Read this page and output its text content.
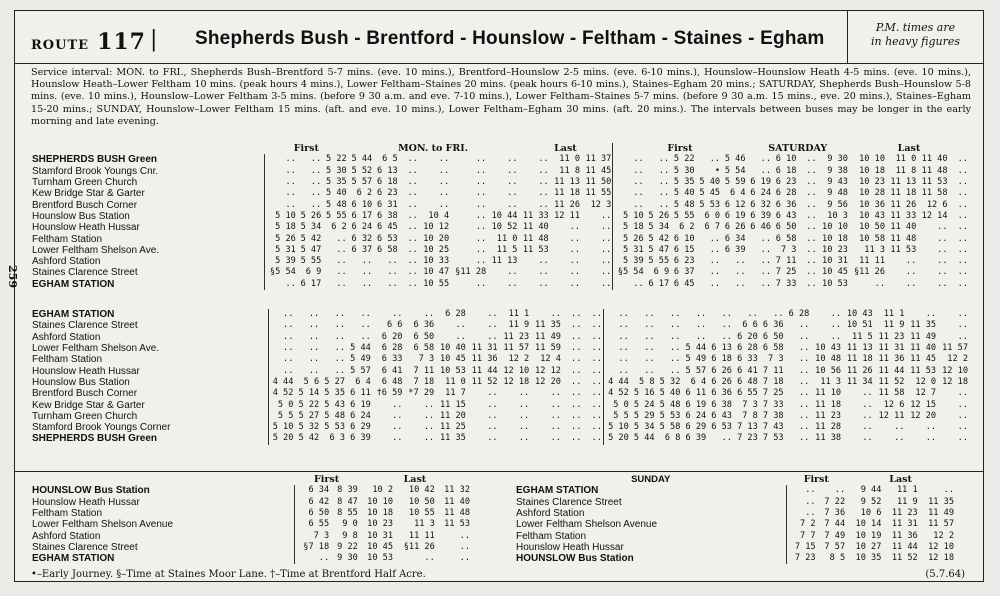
ROUTE 117 | Shepherds Bush - Brentford - Hounslow - Feltham - Staines - Egham
P.M. times are
in heavy figures
Service interval: MON. to FRI., Shepherds Bush–Brentford 5-7 mins. (eve. 10 mins.), Brentford–Hounslow 2-5 mins. (eve. 6-10 mins.), Hounslow–Hounslow Heath 4-5 mins. (eve. 10 mins.), Hounslow Heath–Lower Feltham 10 mins. (peak hours 4 mins.), Lower Feltham–Staines 20 mins. (peak hours 6-10 mins.), Staines–Egham 20 mins.; SATURDAY, Shepherds Bush–Hounslow 5-8 mins. (eve. 10 mins.), Hounslow–Lower Feltham 3-5 mins. (before 9 30 a.m. and eve. 7-10 mins.), Lower Feltham–Staines 5-7 mins. (before 9 30 a.m. 15 mins., eve. 20 mins.), Staines–Egham 15-20 mins.; SUNDAY, Hounslow–Lower Feltham 15 mins. (aft. and eve. 10 mins.), Lower Feltham–Egham 30 mins. (aft. 20 mins.). The intervals between buses may be longer in the early morning and late evening.
	First			MON. to FRI.						Last			First					SATURDAY				Last			
SHEPHERDS BUSH Green	..	..	5 22	5 44	6 5	..	..	..	..	..	11 0	11 37	..	..	5 22	..	5 46	..	6 10	..	9 30	10 10	11 0	11 40	..
Stamford Brook Youngs Cnr.	..	..	5 30	5 52	6 13	..	..	..	..	..	11 8	11 45	..	..	5 30	•	5 54	..	6 18	..	9 38	10 18	11 8	11 48	..
Turnham Green Church	..	..	5 35	5 57	6 18	..	..	..	..	..	11 13	11 50	..	..	5 35	5 40	5 59	6 19	6 23	..	9 43	10 23	11 13	11 53	..
Kew Bridge Star & Garter	..	..	5 40	6 2	6 23	..	..	..	..	..	11 18	11 55	..	..	5 40	5 45	6 4	6 24	6 28	..	9 48	10 28	11 18	11 58	..
Brentford Busch Corner	..	..	5 48	6 10	6 31	..	..	..	..	..	11 26	12 3	..	..	5 48	5 53	6 12	6 32	6 36	..	9 56	10 36	11 26	12 6	..
Hounslow Bus Station	5 10	5 26	5 55	6 17	6 38	..	10 4	..	10 44	11 33	12 11	..	5 10	5 26	5 55	6 0	6 19	6 39	6 43	..	10 3	10 43	11 33	12 14	..
Hounslow Heath Hussar	5 18	5 34	6 2	6 24	6 45	..	10 12	..	10 52	11 40	..	..	5 18	5 34	6 2	6 7	6 26	6 46	6 50	..	10 10	10 50	11 40	..	..
Feltham Station	5 26	5 42	..	6 32	6 53	..	10 20	..	11 0	11 48	..	..	5 26	5 42	6 10	..	6 34	..	6 58	..	10 18	10 58	11 48	..	..
Lower Feltham Shelson Ave.	5 31	5 47	..	6 37	6 58	..	10 25	..	11 5	11 53	..	..	5 31	5 47	6 15	..	6 39	..	7 3	..	10 23	11 3	11 53	..	..
Ashford Station	5 39	5 55	..	..	..	..	10 33	..	11 13	..	..	..	5 39	5 55	6 23	..	..	..	7 11	..	10 31	11 11	..	..	..
Staines Clarence Street	§5 54	6 9	..	..	..	..	10 47	§11 28	..	..	..	..	§5 54	6 9	6 37	..	..	..	7 25	..	10 45	§11 26	..	..	..
EGHAM STATION	..	6 17	..	..	..	..	10 55	..	..	..	..	..	..	6 17	6 45	..	..	..	7 33	..	10 53	..	..	..	..
EGHAM STATION	..	..	..	..	..	..	6 28	..	11 1	..	..	..	..	..	..	..	..	..	..	6 28	..	10 43	11 1	..	..
Staines Clarence Street	..	..	..	..	6 6	6 36	..	..	11 9	11 35	..	..	..	..	..	..	..	6 6	6 36	..	..	10 51	11 9	11 35	..
Ashford Station	..	..	..	..	6 20	6 50	..	..	11 23	11 49	..	..	..	..	..	..	..	6 20	6 50	..	..	11 5	11 23	11 49	..
Lower Feltham Shelson Ave.	..	..	..	5 44	6 28	6 58	10 40	11 31	11 57	11 59	..	..	..	..	..	5 44	6 13	6 28	6 58	..	10 43	11 13	11 31	11 40	11 57
Feltham Station	..	..	..	5 49	6 33	7 3	10 45	11 36	12 2	12 4	..	..	..	..	..	5 49	6 18	6 33	7 3	..	10 48	11 18	11 36	11 45	12 2
Hounslow Heath Hussar	..	..	..	5 57	6 41	7 11	10 53	11 44	12 10	12 12	..	..	..	..	..	5 57	6 26	6 41	7 11	..	10 56	11 26	11 44	11 53	12 10
Hounslow Bus Station	4 44	5 6	5 27	6 4	6 48	7 18	11 0	11 52	12 18	12 20	..	..	4 44	5 8	5 32	6 4	6 26	6 48	7 18	..	11 3	11 34	11 52	12 0	12 18
Brentford Busch Corner	4 52	5 14	5 35	6 11	†6 59	*7 29	11 7	..	..	..	..	..	4 52	5 16	5 40	6 11	6 36	6 55	7 25	..	11 10	..	11 58	12 7	..
Kew Bridge Star & Garter	5 0	5 22	5 43	6 19	..	..	11 15	..	..	..	..	..	5 0	5 24	5 48	6 19	6 38	7 3	7 33	..	11 18	..	12 6	12 15	..
Turnham Green Church	5 5	5 27	5 48	6 24	..	..	11 20	..	..	..	..	..	5 5	5 29	5 53	6 24	6 43	7 8	7 38	..	11 23	..	12 11	12 20	..
Stamford Brook Youngs Corner	5 10	5 32	5 53	6 29	..	..	11 25	..	..	..	..	..	5 10	5 34	5 58	6 29	6 53	7 13	7 43	..	11 28	..	..	..	..
SHEPHERDS BUSH Green	5 20	5 42	6 3	6 39	..	..	11 35	..	..	..	..	..	5 20	5 44	6 8	6 39	..	7 23	7 53	..	11 38	..	..	..	..
	First		Last		
HOUNSLOW Bus Station	6 34	8 39	10 2	10 42	11 32
Hounslow Heath Hussar	6 42	8 47	10 10	10 50	11 40
Feltham Station	6 50	8 55	10 18	10 55	11 48
Lower Feltham Shelson Avenue	6 55	9 0	10 23	11 3	11 53
Ashford Station	7 3	9 8	10 31	11 11	..
Staines Clarence Street	§7 18	9 22	10 45	§11 26	..
EGHAM STATION	..	9 30	10 53	..	..
SUNDAY	First		Last		
EGHAM STATION	..	..	9 44	11 1	..
Staines Clarence Street	..	7 22	9 52	11 9	11 35
Ashford Station	..	7 36	10 6	11 23	11 49
Lower Feltham Shelson Avenue	7 2	7 44	10 14	11 31	11 57
Feltham Station	7 7	7 49	10 19	11 36	12 2
Hounslow Heath Hussar	7 15	7 57	10 27	11 44	12 10
HOUNSLOW Bus Station	7 23	8 5	10 35	11 52	12 18
•–Early Journey. §–Time at Staines Moor Lane. †–Time at Brentford Half Acre.	(5.7.64)
259
